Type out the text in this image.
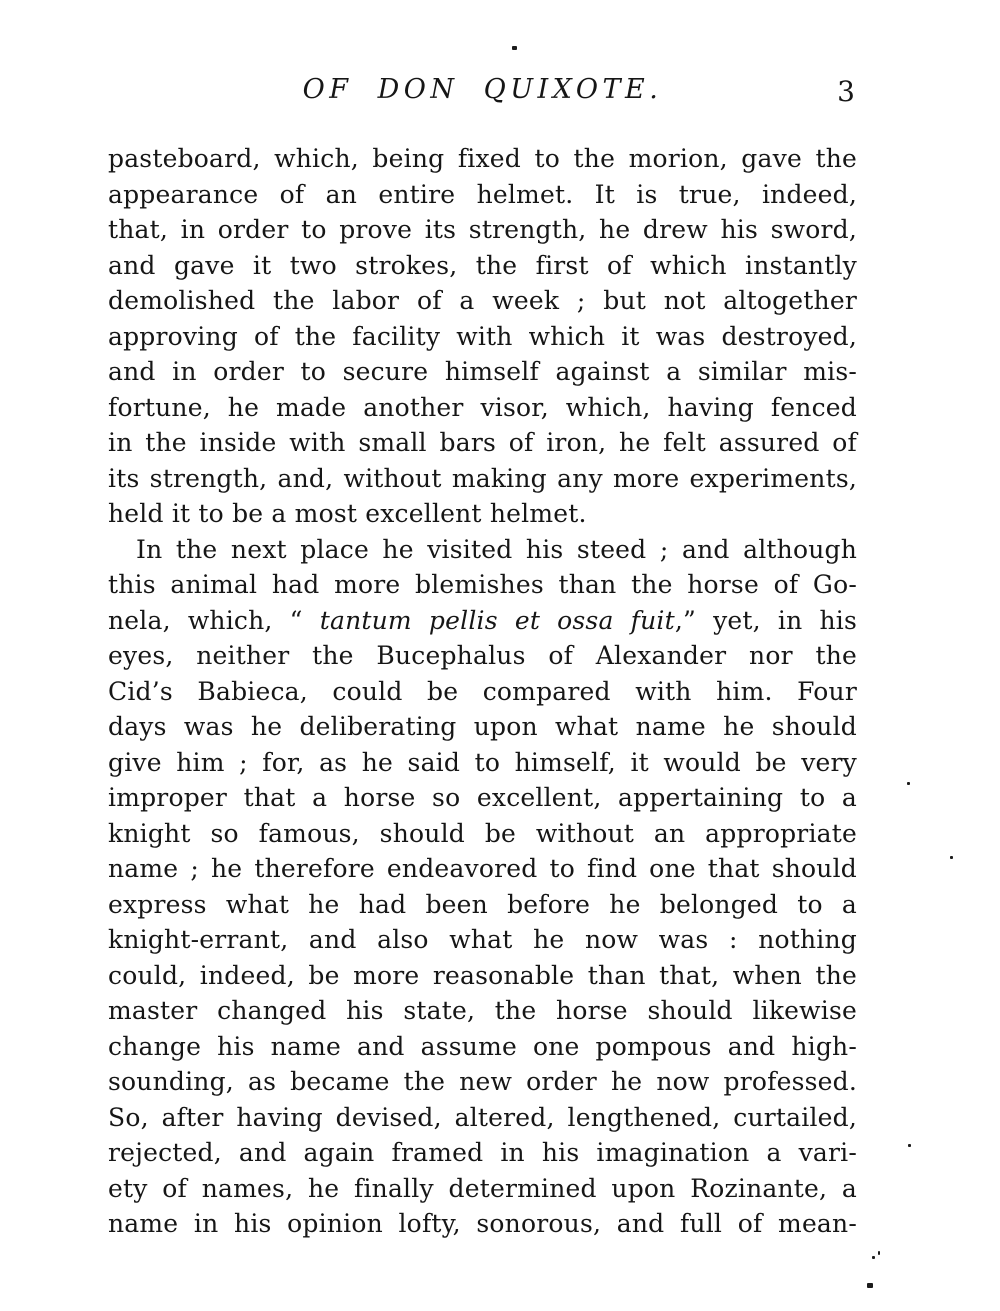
OF DON QUIXOTE.	3
pasteboard, which, being fixed to the morion, gave the
appearance of an entire helmet. It is true, indeed,
that, in order to prove its strength, he drew his sword,
and gave it two strokes, the first of which instantly
demolished the labor of a week ; but not altogether
approving of the facility with which it was destroyed,
and in order to secure himself against a similar mis-
fortune, he made another visor, which, having fenced
in the inside with small bars of iron, he felt assured of
its strength, and, without making any more experiments,
held it to be a most excellent helmet.
In the next place he visited his steed ; and although
this animal had more blemishes than the horse of Go-
nela, which, “ tantum pellis et ossa fuit,” yet, in his
eyes, neither the Bucephalus of Alexander nor the
Cid’s Babieca, could be compared with him. Four
days was he deliberating upon what name he should
give him ; for, as he said to himself, it would be very
improper that a horse so excellent, appertaining to a
knight so famous, should be without an appropriate
name ; he therefore endeavored to find one that should
express what he had been before he belonged to a
knight-errant, and also what he now was : nothing
could, indeed, be more reasonable than that, when the
master changed his state, the horse should likewise
change his name and assume one pompous and high-
sounding, as became the new order he now professed.
So, after having devised, altered, lengthened, curtailed,
rejected, and again framed in his imagination a vari-
ety of names, he finally determined upon Rozinante, a
name in his opinion lofty, sonorous, and full of mean-
